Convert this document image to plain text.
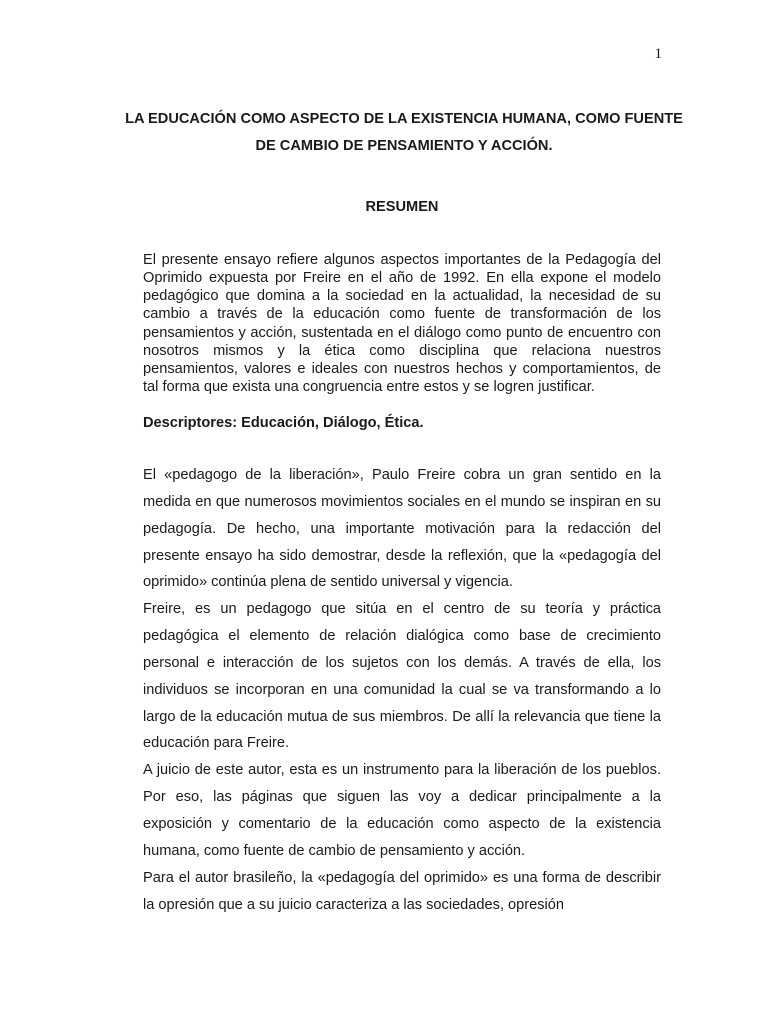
1
LA EDUCACIÓN COMO ASPECTO DE LA EXISTENCIA HUMANA, COMO FUENTE DE CAMBIO DE PENSAMIENTO Y ACCIÓN.
RESUMEN

El presente ensayo refiere algunos aspectos importantes de la Pedagogía del Oprimido expuesta por Freire en el año de 1992. En ella expone el modelo pedagógico que domina a la sociedad en la actualidad, la necesidad de su cambio a través de la educación como fuente de transformación de los pensamientos y acción, sustentada en el diálogo como punto de encuentro con nosotros mismos y la ética como disciplina que relaciona nuestros pensamientos, valores e ideales con nuestros hechos y comportamientos, de tal forma que exista una congruencia entre estos y se logren justificar.

Descriptores: Educación, Diálogo, Ética.

El «pedagogo de la liberación», Paulo Freire cobra un gran sentido en la medida en que numerosos movimientos sociales en el mundo se inspiran en su pedagogía. De hecho, una importante motivación para la redacción del presente ensayo ha sido demostrar, desde la reflexión, que la «pedagogía del oprimido» continúa plena de sentido universal y vigencia.

Freire, es un pedagogo que sitúa en el centro de su teoría y práctica pedagógica el elemento de relación dialógica como base de crecimiento personal e interacción de los sujetos con los demás. A través de ella, los individuos se incorporan en una comunidad la cual se va transformando a lo largo de la educación mutua de sus miembros. De allí la relevancia que tiene la educación para Freire.

A juicio de este autor, esta es un instrumento para la liberación de los pueblos. Por eso, las páginas que siguen las voy a dedicar principalmente a la exposición y comentario de la educación como aspecto de la existencia humana, como fuente de cambio de pensamiento y acción.

Para el autor brasileño, la «pedagogía del oprimido» es una forma de describir la opresión que a su juicio caracteriza a las sociedades, opresión
